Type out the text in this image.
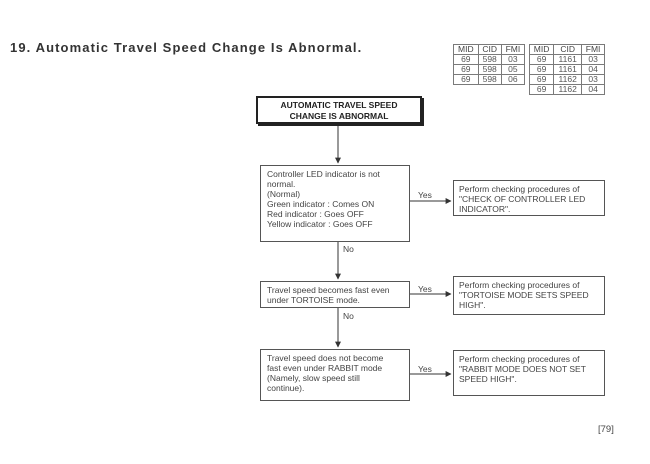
19. Automatic Travel Speed Change Is Abnormal.	MID	CID	FMI
69	598	03
69	598	05
69	598	06
MID	CID	FMI
69	1161	03
69	1161	04
69	1162	03
69	1162	04
AUTOMATIC TRAVEL SPEED
CHANGE IS ABNORMAL
Controller LED indicator is not
normal.
(Normal)
Green indicator : Comes ON
Red indicator : Goes OFF
Yellow indicator : Goes OFF
Yes
No
Perform checking procedures of
"CHECK OF CONTROLLER LED
INDICATOR".
Travel speed becomes fast even
under TORTOISE mode.
Yes
No
Perform checking procedures of
"TORTOISE MODE SETS SPEED
HIGH".
Travel speed does not become
fast even under RABBIT mode
(Namely, slow speed still
continue).
Yes
Perform checking procedures of
"RABBIT MODE DOES NOT SET
SPEED HIGH".
[79]
